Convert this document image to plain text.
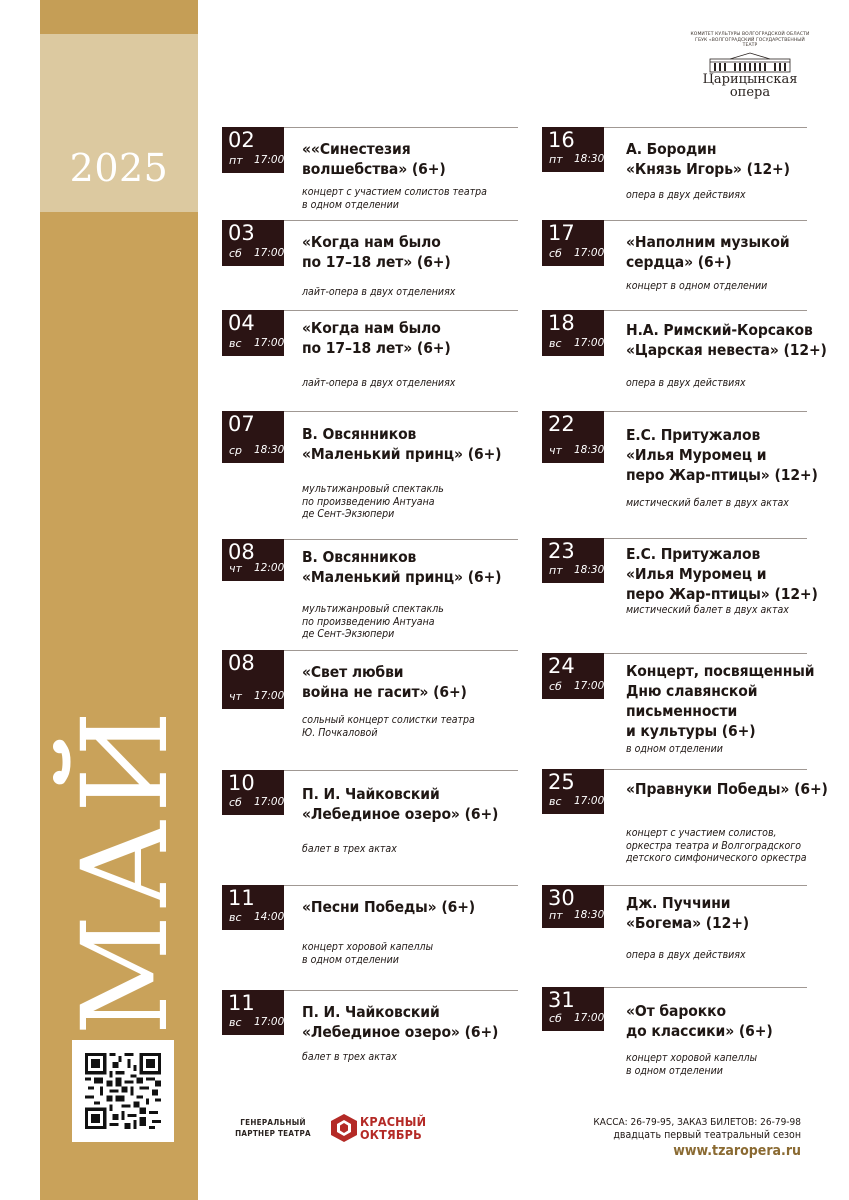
2025
МАЙ
КОМИТЕТ КУЛЬТУРЫ ВОЛГОГРАДСКОЙ ОБЛАСТИ
ГБУК «ВОЛГОГРАДСКИЙ ГОСУДАРСТВЕННЫЙ ТЕАТР
Царицынская
опера
02
пт 17:00
««Синестезия
волшебства» (6+)
концерт с участием солистов театра
в одном отделении
03
сб 17:00
«Когда нам было
по 17–18 лет» (6+)
лайт-опера в двух отделениях
04
вс 17:00
«Когда нам было
по 17–18 лет» (6+)
лайт-опера в двух отделениях
07
ср 18:30
В. Овсянников
«Маленький принц» (6+)
мультижанровый спектакль
по произведению Антуана
де Сент-Экзюпери
08
чт 12:00
В. Овсянников
«Маленький принц» (6+)
мультижанровый спектакль
по произведению Антуана
де Сент-Экзюпери
08
чт 17:00
«Свет любви
война не гасит» (6+)
сольный концерт солистки театра
Ю. Почкаловой
10
сб 17:00 П. И. Чайковский
«Лебединое озеро» (6+)
балет в трех актах
11
вс 14:00
«Песни Победы» (6+)
концерт хоровой капеллы
в одном отделении
11
вс 17:00
П. И. Чайковский
«Лебединое озеро» (6+)
балет в трех актах
16
пт 18:30
А. Бородин
«Князь Игорь» (12+)
опера в двух действиях
17
сб 17:00
«Наполним музыкой
сердца» (6+)
концерт в одном отделении
18
вс 17:00
Н.А. Римский-Корсаков
«Царская невеста» (12+)
опера в двух действиях
22
чт 18:30
Е.С. Притужалов
«Илья Муромец и
перо Жар-птицы» (12+)
мистический балет в двух актах
23
пт 18:30
Е.С. Притужалов
«Илья Муромец и
перо Жар-птицы» (12+)
мистический балет в двух актах
24
сб 17:00
Концерт, посвященный
Дню славянской
письменности
и культуры (6+)
в одном отделении
25
вс 17:00
«Правнуки Победы» (6+)
концерт с участием солистов,
оркестра театра и Волгоградского
детского симфонического оркестра
30
пт 18:30
Дж. Пуччини
«Богема» (12+)
опера в двух действиях
31
сб 17:00 «От барокко
до классики» (6+)
концерт хоровой капеллы
в одном отделении
ГЕНЕРАЛЬНЫЙ
ПАРТНЕР ТЕАТРА
КРАСНЫЙ
ОКТЯБРЬ
КАССА: 26-79-95, ЗАКАЗ БИЛЕТОВ: 26-79-98
двадцать первый театральный сезон
www.tzaropera.ru
